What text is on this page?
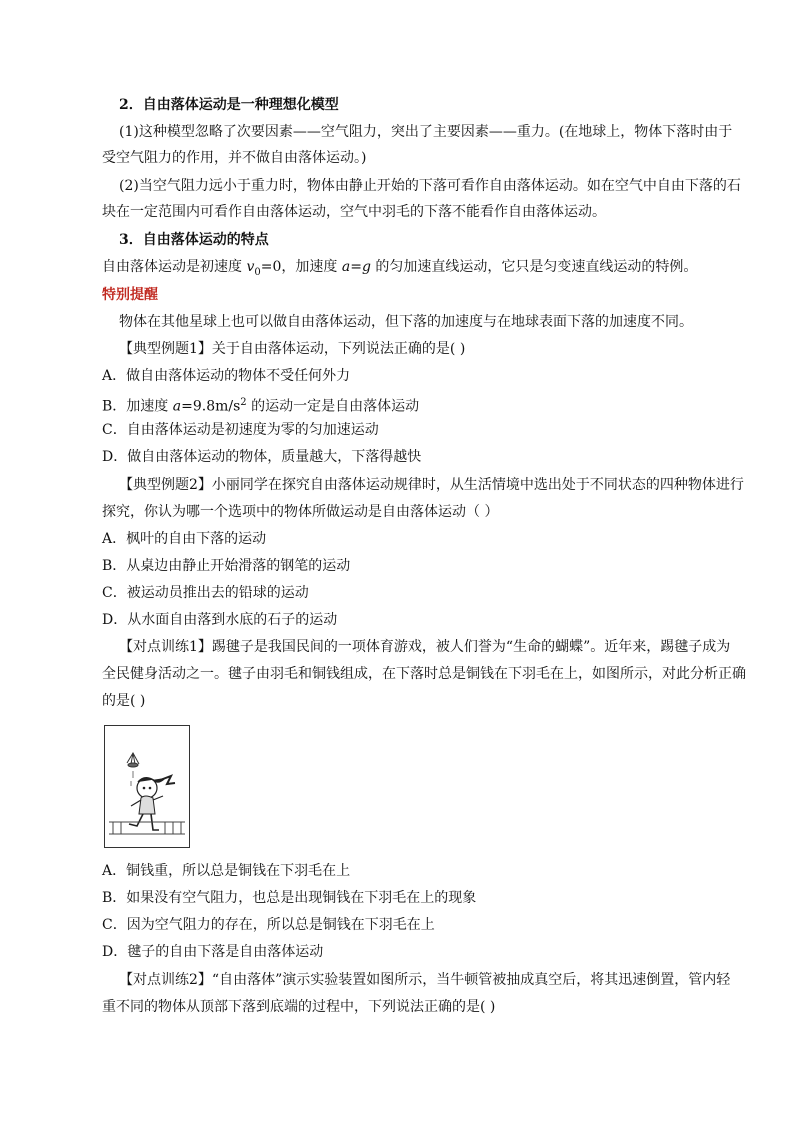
2．自由落体运动是一种理想化模型

(1)这种模型忽略了次要因素——空气阻力，突出了主要因素——重力。(在地球上，物体下落时由于

受空气阻力的作用，并不做自由落体运动。)

(2)当空气阻力远小于重力时，物体由静止开始的下落可看作自由落体运动。如在空气中自由下落的石

块在一定范围内可看作自由落体运动，空气中羽毛的下落不能看作自由落体运动。

3．自由落体运动的特点

自由落体运动是初速度 $v_0=0$，加速度 a=g 的匀加速直线运动，它只是匀变速直线运动的特例。

特别提醒

物体在其他星球上也可以做自由落体运动，但下落的加速度与在地球表面下落的加速度不同。

【典型例题1】关于自由落体运动，下列说法正确的是( )

A．做自由落体运动的物体不受任何外力

B．加速度 $a=9.8m/s^2$ 的运动一定是自由落体运动

C．自由落体运动是初速度为零的匀加速运动

D．做自由落体运动的物体，质量越大，下落得越快

【典型例题2】小丽同学在探究自由落体运动规律时，从生活情境中选出处于不同状态的四种物体进行

探究，你认为哪一个选项中的物体所做运动是自由落体运动（ ）

A．枫叶的自由下落的运动

B．从桌边由静止开始滑落的钢笔的运动

C．被运动员推出去的铅球的运动

D．从水面自由落到水底的石子的运动

【对点训练1】踢毽子是我国民间的一项体育游戏，被人们誉为“生命的蝴蝶”。近年来，踢毽子成为

全民健身活动之一。毽子由羽毛和铜钱组成，在下落时总是铜钱在下羽毛在上，如图所示，对此分析正确

的是( )

A．铜钱重，所以总是铜钱在下羽毛在上

B．如果没有空气阻力，也总是出现铜钱在下羽毛在上的现象

C．因为空气阻力的存在，所以总是铜钱在下羽毛在上

D．毽子的自由下落是自由落体运动

【对点训练2】“自由落体”演示实验装置如图所示，当牛顿管被抽成真空后，将其迅速倒置，管内轻

重不同的物体从顶部下落到底端的过程中，下列说法正确的是( )
